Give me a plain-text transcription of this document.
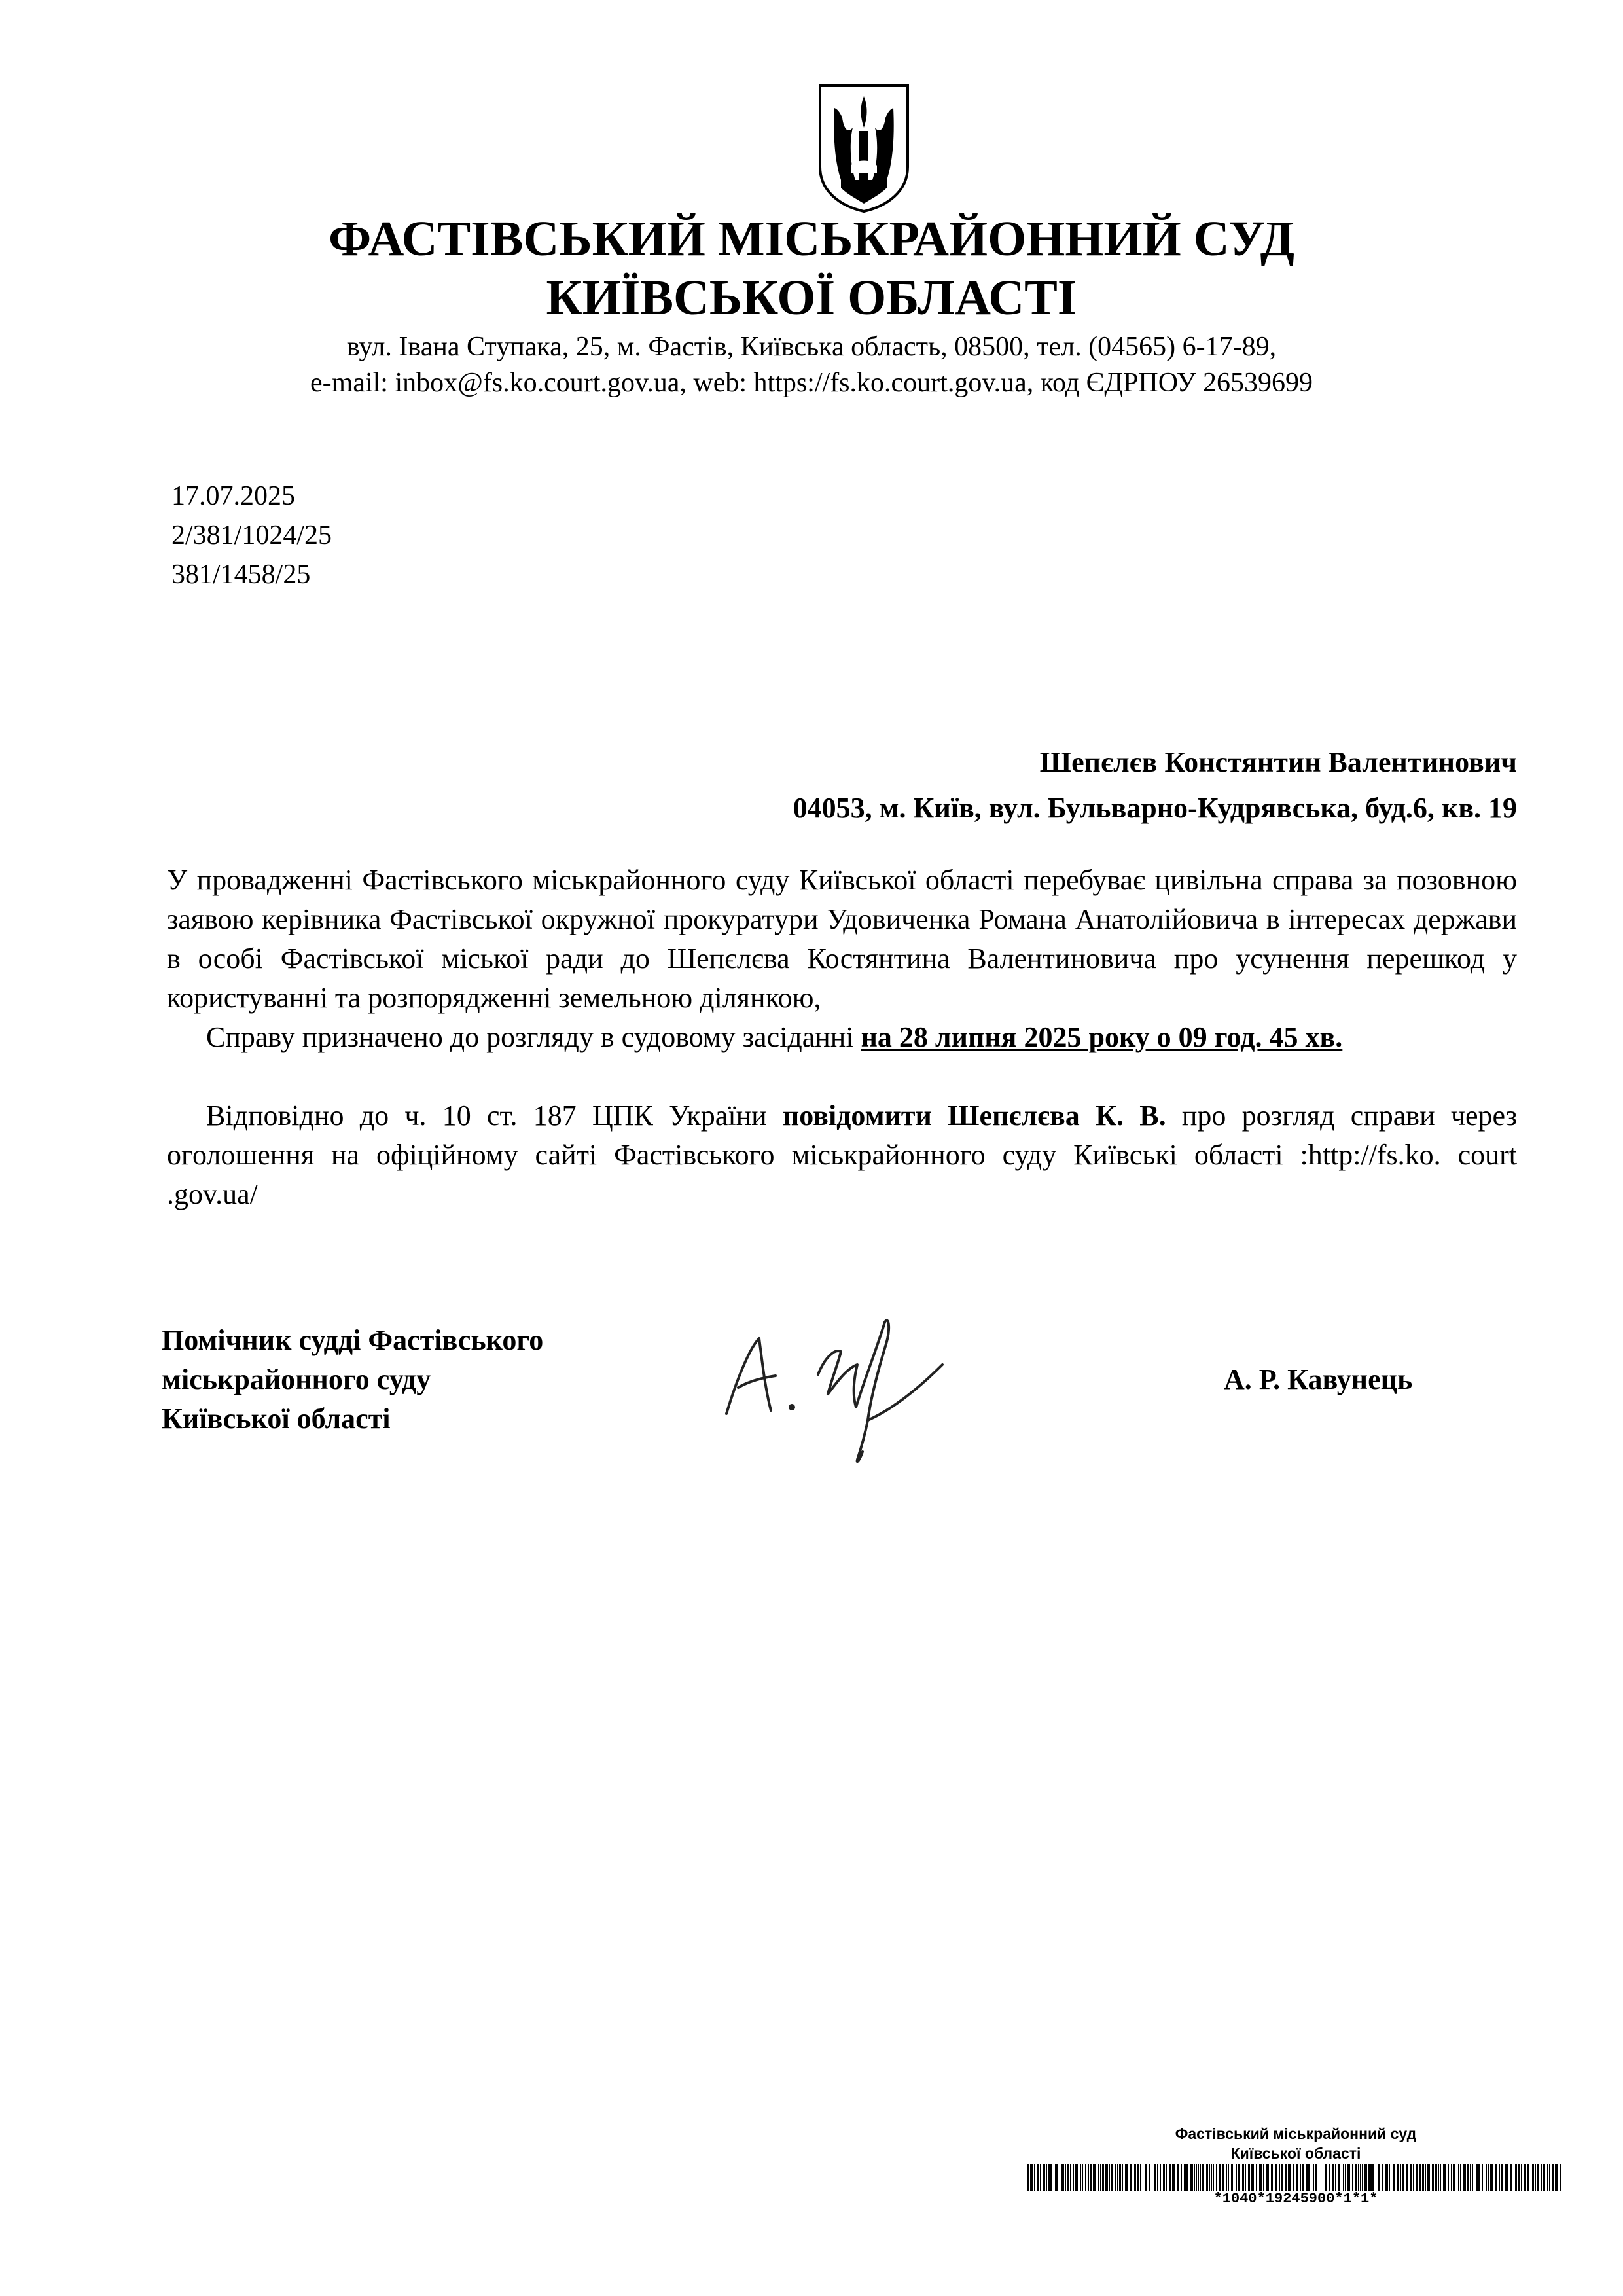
ФАСТІВСЬКИЙ МІСЬКРАЙОННИЙ СУД
КИЇВСЬКОЇ ОБЛАСТІ
вул. Івана Ступака, 25, м. Фастів, Київська область, 08500, тел. (04565) 6-17-89,
e-mail: inbox@fs.ko.court.gov.ua, web: https://fs.ko.court.gov.ua, код ЄДРПОУ 26539699
17.07.2025
2/381/1024/25
381/1458/25
Шепєлєв Констянтин Валентинович
04053, м. Київ, вул. Бульварно-Кудрявська, буд.6, кв. 19
У провадженні Фастівського міськрайонного суду Київської області перебуває цивільна справа за позовною заявою керівника Фастівської окружної прокуратури Удовиченка Романа Анатолійовича в інтересах держави в особі Фастівської міської ради до Шепєлєва Костянтина Валентиновича про усунення перешкод у користуванні та розпорядженні земельною ділянкою,
Справу призначено до розгляду в судовому засіданні на 28 липня 2025 року о 09 год. 45 хв.
Відповідно до ч. 10 ст. 187 ЦПК України повідомити Шепєлєва К. В. про розгляд справи через оголошення на офіційному сайті Фастівського міськрайонного суду Київські області :http://fs.ko. court .gov.ua/
Помічник судді Фастівського
міськрайонного суду
Київської області
А. Р. Кавунець
Фастівський міськрайонний суд
Київської області
*1040*19245900*1*1*
